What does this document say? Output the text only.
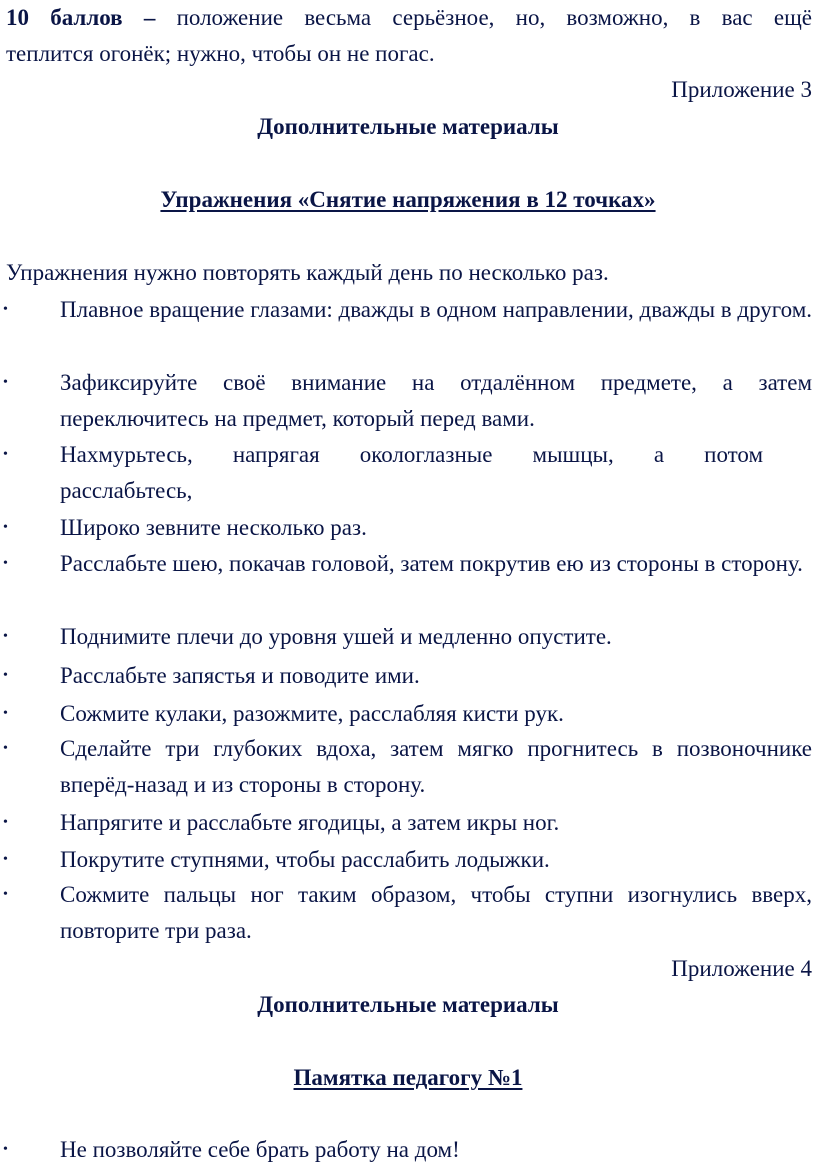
10 баллов – положение весьма серьёзное, но, возможно, в вас ещё

теплится огонёк; нужно, чтобы он не погас.

Приложение 3

Дополнительные материалы

Упражнения «Снятие напряжения в 12 точках»

Упражнения нужно повторять каждый день по несколько раз.

• Плавное вращение глазами: дважды в одном направлении, дважды в другом.
• Зафиксируйте своё внимание на отдалённом предмете, а затем переключитесь на предмет, который перед вами.
• Нахмурьтесь, напрягая окологлазные мышцы, а потом
расслабьтесь,
• Широко зевните несколько раз.
• Расслабьте шею, покачав головой, затем покрутив ею из стороны в сторону.
• Поднимите плечи до уровня ушей и медленно опустите.
• Расслабьте запястья и поводите ими.
• Сожмите кулаки, разожмите, расслабляя кисти рук.
• Сделайте три глубоких вдоха, затем мягко прогнитесь в позвоночнике вперёд-назад и из стороны в сторону.
• Напрягите и расслабьте ягодицы, а затем икры ног.
• Покрутите ступнями, чтобы расслабить лодыжки.
• Сожмите пальцы ног таким образом, чтобы ступни изогнулись вверх, повторите три раза.

Приложение 4

Дополнительные материалы

Памятка педагогу №1

• Не позволяйте себе брать работу на дом!
